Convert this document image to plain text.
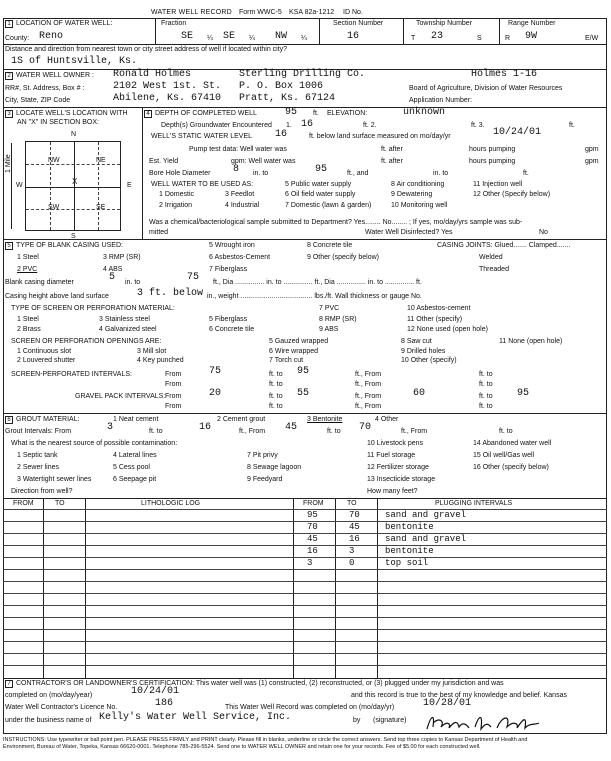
WATER WELL RECORD Form WWC-5 KSA 82a-1212 ID No.
1 LOCATION OF WATER WELL:	Fraction	Section Number	Township Number	Range Number
County: Reno	SE ¼ SE ¼ NW ¼	16	T 23	S	R 9W	E/W
Distance and direction from nearest town or city street address of well if located within city?
1S of Huntsville, Ks.
2 WATER WELL OWNER : Ronald Holmes	Sterling Drilling Co.	Holmes 1-16
RR#, St. Address, Box # :	2102 West 1st. St. P. O. Box 1006	Board of Agriculture, Division of Water Resources
City, State, ZIP Code	Abilene, Ks. 67410 Pratt, Ks. 67124	Application Number:
3 LOCATE WELL'S LOCATION WITH
AN "X" IN SECTION BOX:
N
S
W	E
1 Mile	NW	NE
SW	SE
X
4 DEPTH OF COMPLETED WELL	95 ft. ELEVATION:	unknown
Depth(s) Groundwater Encountered 1. 16	ft. 2.	ft. 3.	ft.
WELL'S STATIC WATER LEVEL 16	ft. below land surface measured on mo/day/yr	10/24/01
Pump test data: Well water was	ft. after	hours pumping	gpm
Est. Yield	gpm: Well water was	ft. after	hours pumping	gpm
Bore Hole Diameter 8 in. to	95	ft., and	in. to	ft.
WELL WATER TO BE USED AS:	5 Public water supply	8 Air conditioning	11 Injection well
1 Domestic	3 Feedlot	6 Oil field water supply	9 Dewatering	12 Other (Specify below)
2 Irrigation	4 Industrial	7 Domestic (lawn & garden)	10 Monitoring well
Was a chemical/bacteriological sample submitted to Department? Yes........ No........ ; If yes, mo/day/yrs sample was sub-
mitted	Water Well Disinfected? Yes	No
5 TYPE OF BLANK CASING USED:	5 Wrought iron	8 Concrete tile	CASING JOINTS: Glued....... Clamped.......
1 Steel	3 RMP (SR)	6 Asbestos-Cement	9 Other (specify below)	Welded
2 PVC	4 ABS	7 Fiberglass	Threaded
Blank casing diameter	5 in. to	75 ft., Dia ............... in. to ............... ft., Dia ............... in. to ............... ft.
Casing height above land surface	3 ft. below in., weight ..................................... lbs./ft. Wall thickness or gauge No.
TYPE OF SCREEN OR PERFORATION MATERIAL:	7 PVC	10 Asbestos-cement
1 Steel	3 Stainless steel	5 Fiberglass	8 RMP (SR)	11 Other (specify)
2 Brass	4 Galvanized steel	6 Concrete tile	9 ABS	12 None used (open hole)
SCREEN OR PERFORATION OPENINGS ARE:	5 Gauzed wrapped	8 Saw cut	11 None (open hole)
1 Continuous slot	3 Mill slot	6 Wire wrapped	9 Drilled holes
2 Louvered shutter	4 Key punched	7 Torch cut	10 Other (specify)
SCREEN-PERFORATED INTERVALS:	From	75	ft. to 95	ft., From	ft. to
From	ft. to	ft., From	ft. to
GRAVEL PACK INTERVALS: From	20	ft. to 55	ft., From	60	ft. to 95
From	ft. to	ft., From	ft. to
6 GROUT MATERIAL:	1 Neat cement	2 Cement grout	3 Bentonite	4 Other
Grout Intervals: From	3	ft. to	16	ft., From 45	ft. to 70	ft., From	ft. to
What is the nearest source of possible contamination:	10 Livestock pens	14 Abandoned water well
1 Septic tank	4 Lateral lines	7 Pit privy	11 Fuel storage	15 Oil well/Gas well
2 Sewer lines	5 Cess pool	8 Sewage lagoon	12 Fertilizer storage	16 Other (specify below)
3 Watertight sewer lines	6 Seepage pit	9 Feedyard	13 Insecticide storage
Direction from well?	How many feet?
FROM	TO	LITHOLOGIC LOG	FROM	TO	PLUGGING INTERVALS
95	70	sand and gravel
70	45	bentonite
45	16	sand and gravel
16	3	bentonite
3	0	top soil
7 CONTRACTOR'S OR LANDOWNER'S CERTIFICATION: This water well was (1) constructed, (2) reconstructed, or (3) plugged under my jurisdiction and was
completed on (mo/day/year)	10/24/01	and this record is true to the best of my knowledge and belief. Kansas
Water Well Contractor's Licence No.	186	This Water Well Record was completed on (mo/day/yr)	10/28/01
under the business name of Kelly's Water Well Service, Inc.	by (signature)
INSTRUCTIONS: Use typewriter or ball point pen. PLEASE PRESS FIRMLY and PRINT clearly. Please fill in blanks, underline or circle the correct answers. Send top three copies to Kansas Department of Health and
Environment, Bureau of Water, Topeka, Kansas 66620-0001. Telephone 785-296-5524. Send one to WATER WELL OWNER and retain one for your records. Fee of $5.00 for each constructed well.
